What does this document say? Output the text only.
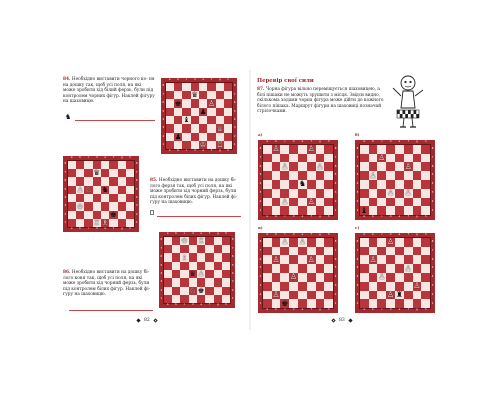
84. Необхідно виставити чорного ко- ня на дошку так, щоб усі поля, на які може зробити хід білий ферзь, були під контролем чорних фігур. Наклей фігуру на шаховицю.
♞
♛
♚	♙
♟
♝
♕
♟
♔ ♖
a
a
b
b
c
c
d
d
e
e
f
f
g
g
h
h
8	8
7	7
6	6
5	5
4	4
3	3
2	2
1	1
♛
♙ ♘ ♞
♔
♚
♖ ♗
a
a
b
b
c
c
d
d
e
e
f
f
g
g
h
h
8	8
7	7
6	6
5	5
4	4
3	3
2	2
1	1
85. Необхідно виставити на дошку бі- лого ферзя так, щоб усі поля, на які може зробити хід чорний ферзь, були під контролем білих фігур. Наклей фі- гуру на шаховицю.
♔ ♖
♗
♛ ♙
♘ ♚
a
a
b
b
c
c
d
d
e
e
f
f
g
g
h
h
8	8
7	7
6	6
5	5
4	4
3	3
2	2
1	1
86. Необхідно виставити на дошку бі- лого коня так, щоб усі поля, на які може зробити хід чорний ферзь, були під контролем білих фігур. Наклей фі- гуру на шаховицю.
82
Перевір свої сили
87. Чорна фігура вільно переміщується шаховицею, а білі пішаки не можуть зрушити з місця. Звідси видно, скількома ходами чорна фігура може дійти до кожного білого пішака. Маршрут фігури на шаховиці позначай стрілочками.
а)	б)
в)	г)
♙	♙
♙	♙
♞
♙ ♙
a
a
b
b
c
c
d
d
e
e
f
f
g
g
h
h
8	8
7	7
6	6
5	5
4	4
3	3
2	2
1	1
♙
♙
♙
♙ ♙
♝
a
a
b
b
c
c
d
d
e
e
f
f
g
g
h
h
8	8
7	7
6	6
5	5
4	4
3	3
2	2
1	1
♙ ♙
♙	♙
♙
♙
♚
a
a
b
b
c
c
d
d
e
e
f
f
g
g
h
h
8	8
7	7
6	6
5	5
4	4
3	3
2	2
1	1
♙
♙
♙
♙
♙
♙ ♜
a
a
b
b
c
c
d
d
e
e
f
f
g
g
h
h
8	8
7	7
6	6
5	5
4	4
3	3
2	2
1	1
83
